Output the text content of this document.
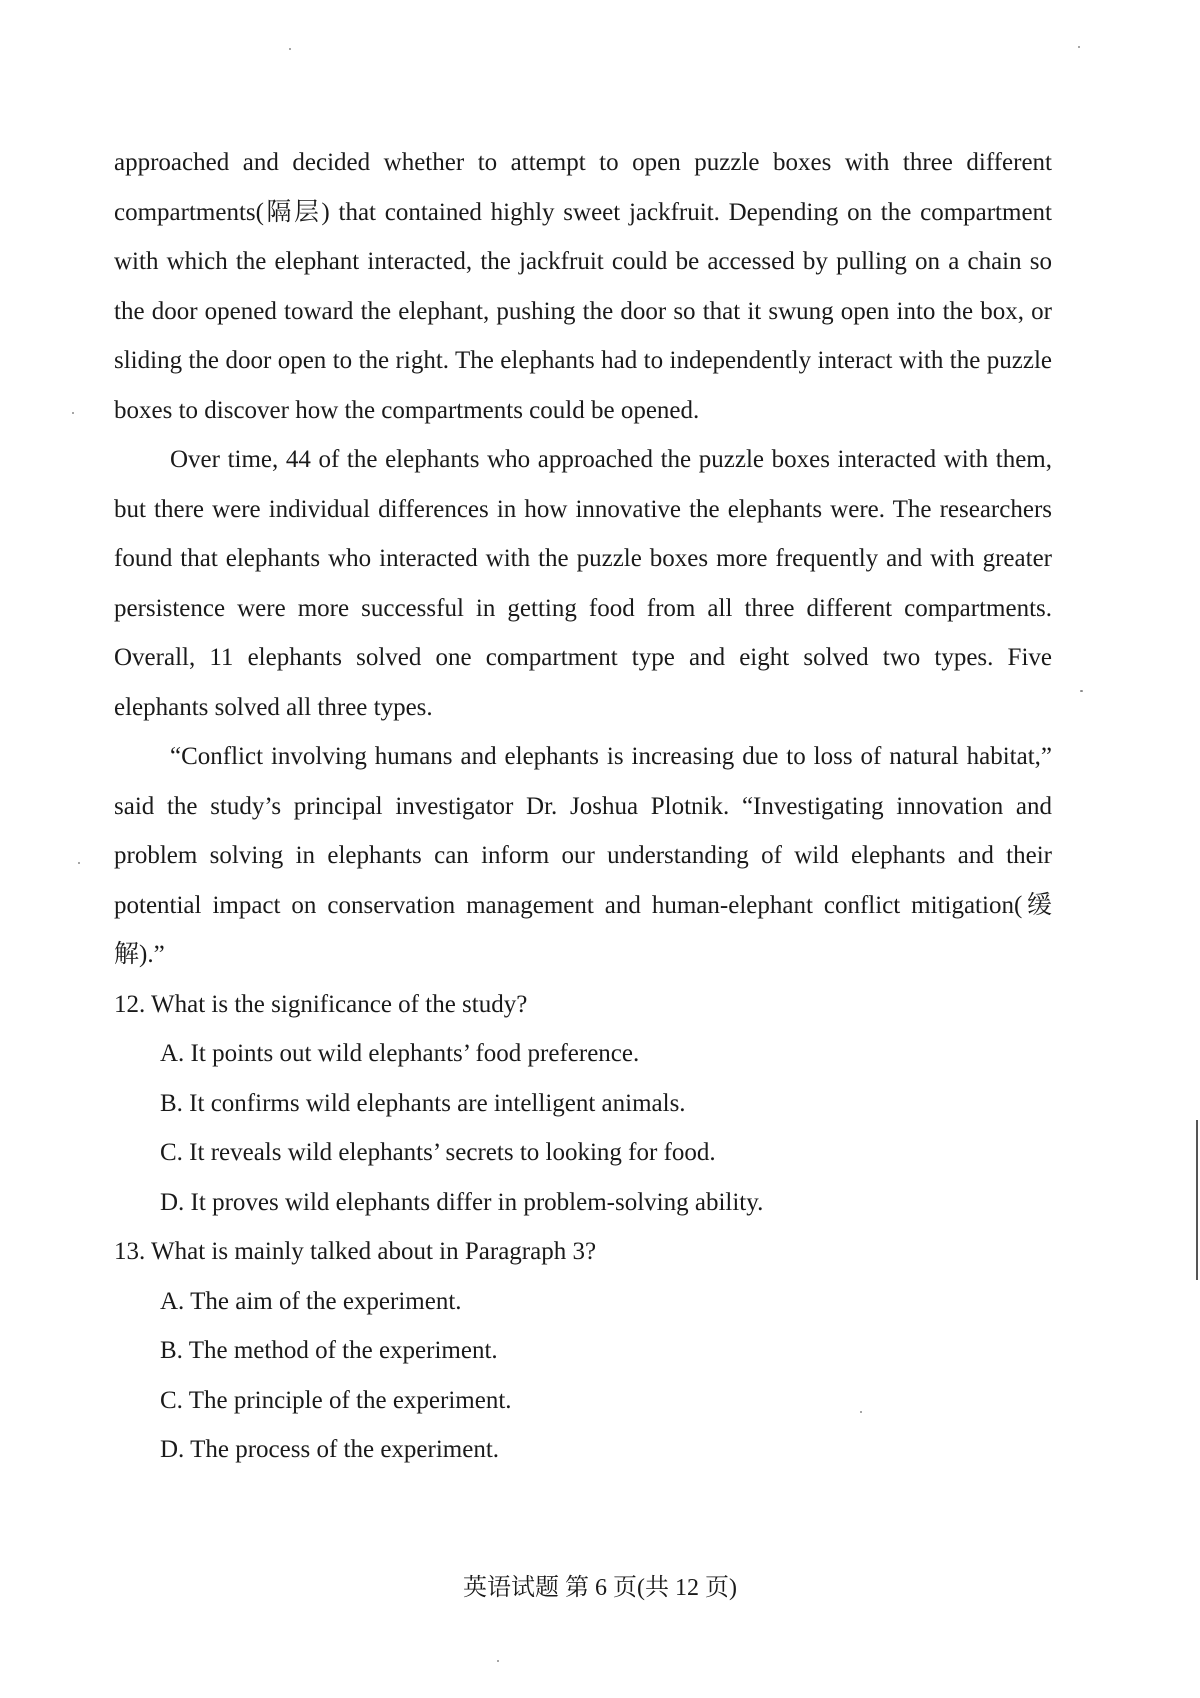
approached and decided whether to attempt to open puzzle boxes with three different compartments(隔层) that contained highly sweet jackfruit. Depending on the compartment with which the elephant interacted, the jackfruit could be accessed by pulling on a chain so the door opened toward the elephant, pushing the door so that it swung open into the box, or sliding the door open to the right. The elephants had to independently interact with the puzzle boxes to discover how the compartments could be opened.

Over time, 44 of the elephants who approached the puzzle boxes interacted with them, but there were individual differences in how innovative the elephants were. The researchers found that elephants who interacted with the puzzle boxes more frequently and with greater persistence were more successful in getting food from all three different compartments. Overall, 11 elephants solved one compartment type and eight solved two types. Five elephants solved all three types.

“Conflict involving humans and elephants is increasing due to loss of natural habitat,” said the study’s principal investigator Dr. Joshua Plotnik. “Investigating innovation and problem solving in elephants can inform our understanding of wild elephants and their potential impact on conservation management and human-elephant conflict mitigation(缓解).”

12. What is the significance of the study?

A. It points out wild elephants’ food preference.

B. It confirms wild elephants are intelligent animals.

C. It reveals wild elephants’ secrets to looking for food.

D. It proves wild elephants differ in problem-solving ability.

13. What is mainly talked about in Paragraph 3?

A. The aim of the experiment.

B. The method of the experiment.

C. The principle of the experiment.

D. The process of the experiment.

英语试题 第 6 页(共 12 页)
